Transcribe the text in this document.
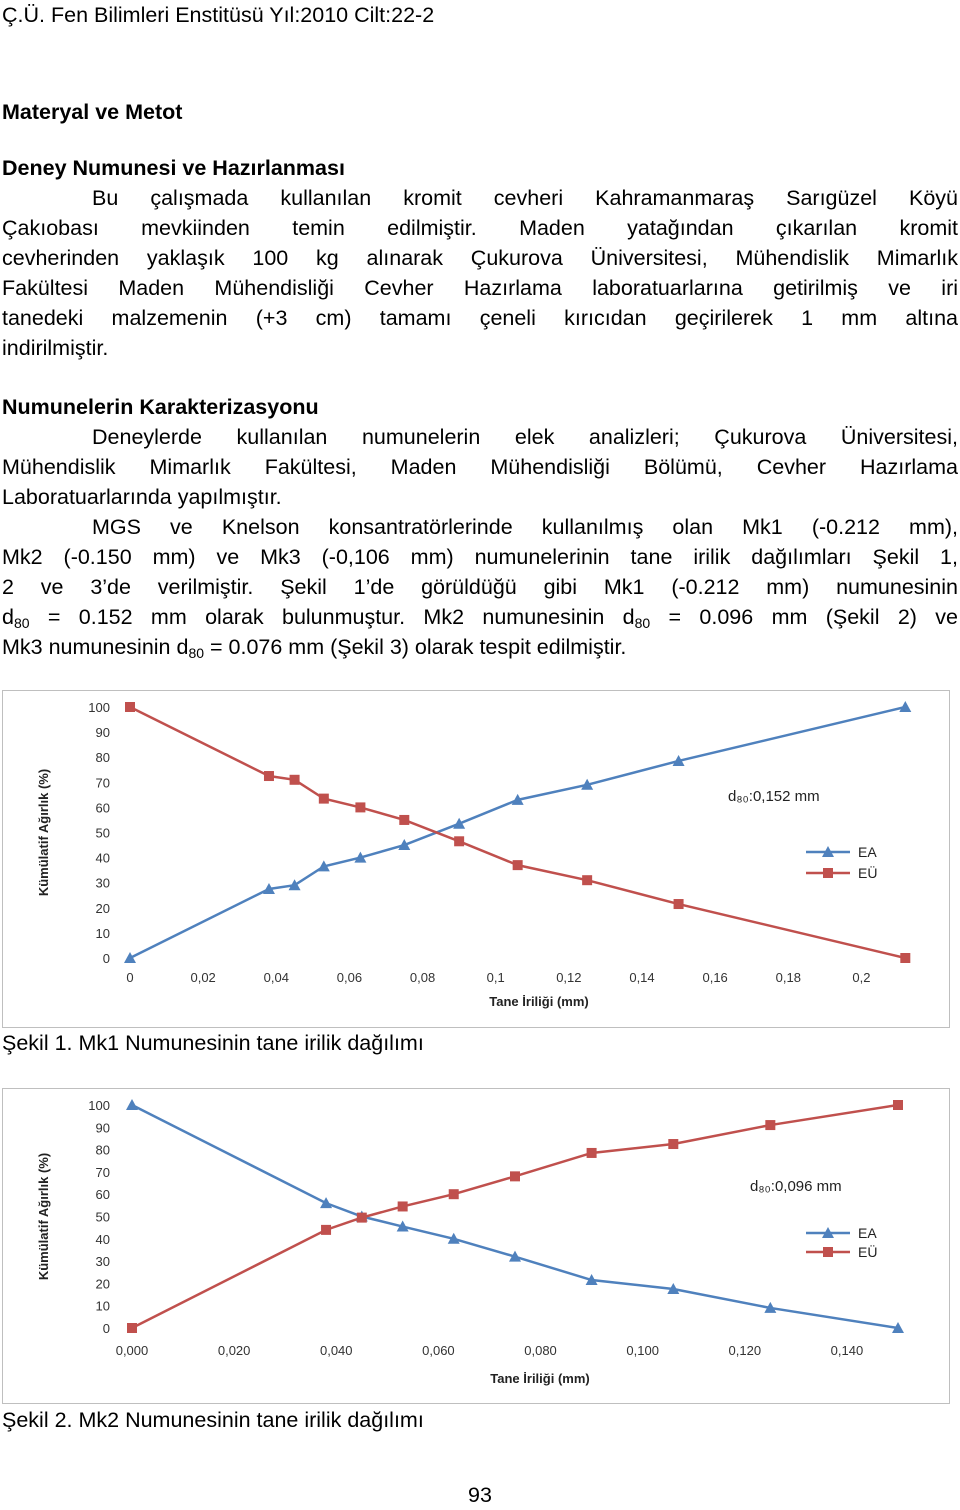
Ç.Ü. Fen Bilimleri Enstitüsü Yıl:2010 Cilt:22-2
Materyal ve Metot
Deney Numunesi ve Hazırlanması
Bu çalışmada kullanılan kromit cevheri Kahramanmaraş Sarıgüzel Köyü
Çakıobası mevkiinden temin edilmiştir. Maden yatağından çıkarılan kromit
cevherinden yaklaşık 100 kg alınarak Çukurova Üniversitesi, Mühendislik Mimarlık
Fakültesi Maden Mühendisliği Cevher Hazırlama laboratuarlarına getirilmiş ve iri
tanedeki malzemenin (+3 cm) tamamı çeneli kırıcıdan geçirilerek 1 mm altına
indirilmiştir.
Numunelerin Karakterizasyonu
Deneylerde kullanılan numunelerin elek analizleri; Çukurova Üniversitesi,
Mühendislik Mimarlık Fakültesi, Maden Mühendisliği Bölümü, Cevher Hazırlama
Laboratuarlarında yapılmıştır.
MGS ve Knelson konsantratörlerinde kullanılmış olan Mk1 (-0.212 mm),
Mk2 (-0.150 mm) ve Mk3 (-0,106 mm) numunelerinin tane irilik dağılımları Şekil 1,
2 ve 3’de verilmiştir. Şekil 1’de görüldüğü gibi Mk1 (-0.212 mm) numunesinin
$d_{80} = 0.152$ mm olarak bulunmuştur. Mk2 numunesinin $d_{80} = 0.096$ mm (Şekil 2) ve
Mk3 numunesinin $d_{80} = 0.076$ mm (Şekil 3) olarak tespit edilmiştir.
0
10
20
30
40
50
60
70
80
90
100
0	0,02	0,04	0,06	0,08	0,1	0,12	0,14	0,16	0,18	0,2
Tane İriliği (mm)
Kümülatif Ağırlık (%)	d₈₀:0,152 mm
EA
EÜ
Şekil 1. Mk1 Numunesinin tane irilik dağılımı
0
10
20
30
40
50
60
70
80
90
100
0,000	0,020	0,040	0,060	0,080	0,100	0,120	0,140
Tane İriliği (mm)
Kümülatif Ağırlık (%)	d₈₀:0,096 mm
EA
EÜ
Şekil 2. Mk2 Numunesinin tane irilik dağılımı
93
